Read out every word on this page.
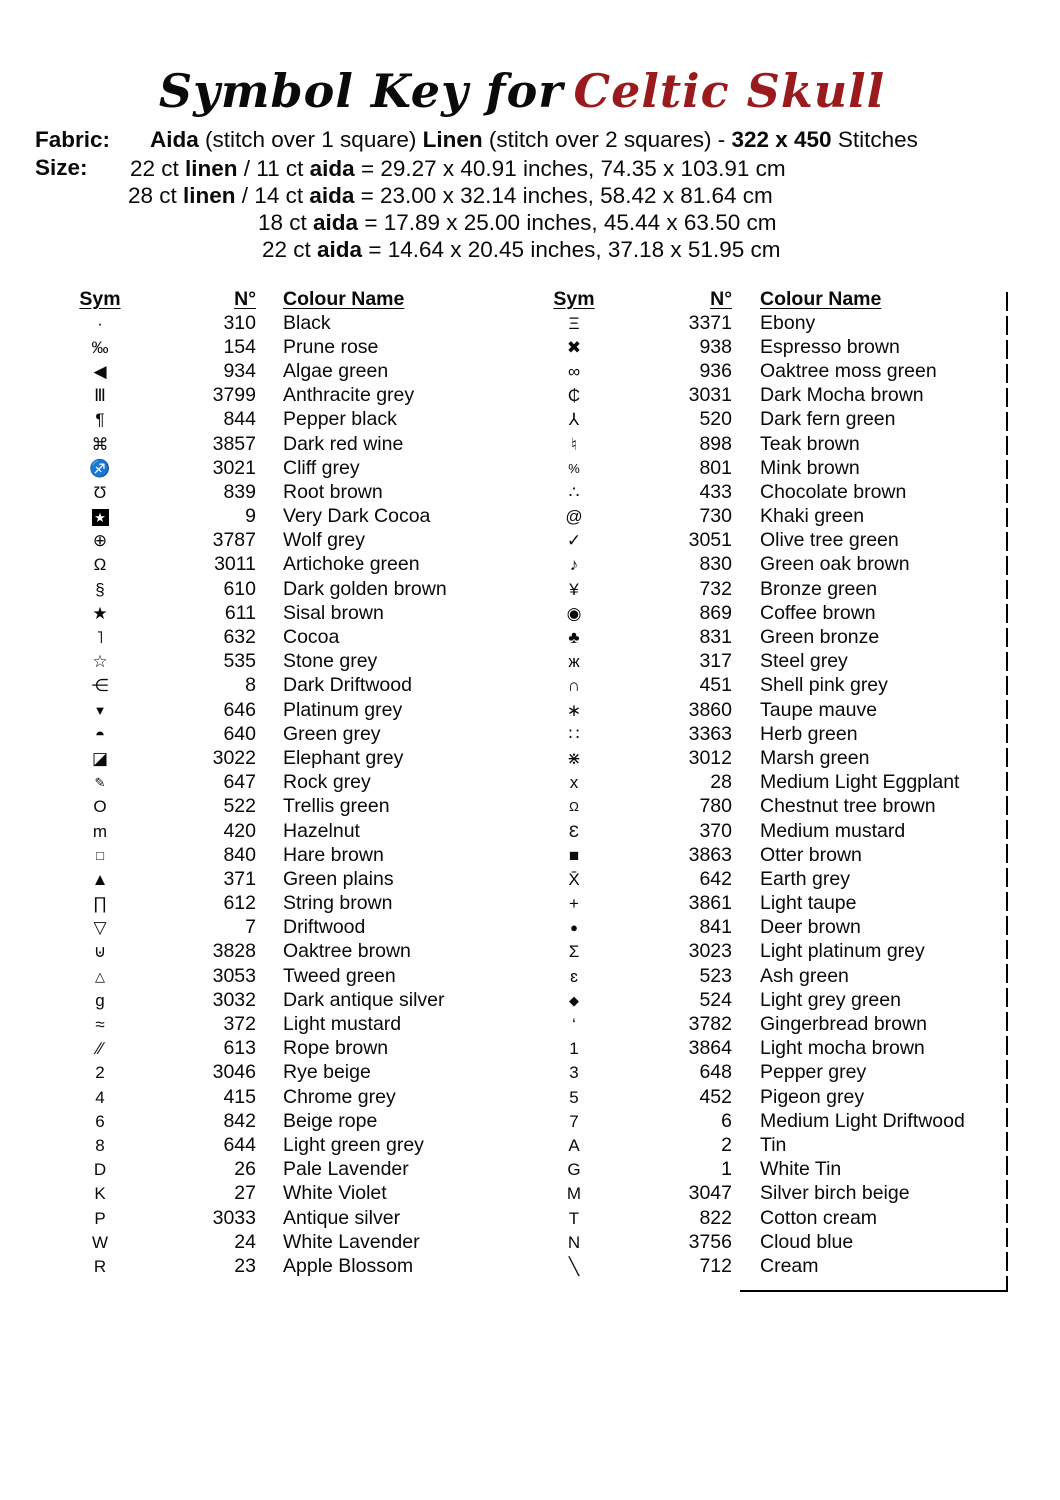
Symbol Key for Celtic Skull
Fabric: Aida (stitch over 1 square) Linen (stitch over 2 squares) - 322 x 450 Stitches
Size:	22 ct linen / 11 ct aida = 29.27 x 40.91 inches, 74.35 x 103.91 cm
28 ct linen / 14 ct aida = 23.00 x 32.14 inches, 58.42 x 81.64 cm
18 ct aida = 17.89 x 25.00 inches, 45.44 x 63.50 cm
22 ct aida = 14.64 x 20.45 inches, 37.18 x 51.95 cm
Sym	N°	Colour Name
·	310	Black
‰	154	Prune rose
◀	934	Algae green
Ⅲ	3799	Anthracite grey
¶	844	Pepper black
⌘	3857	Dark red wine
♐	3021	Cliff grey
Ʊ	839	Root brown
★	9	Very Dark Cocoa
⊕	3787	Wolf grey
Ω	3011	Artichoke green
§	610	Dark golden brown
★	611	Sisal brown
˥	632	Cocoa
☆	535	Stone grey
⋲	8	Dark Driftwood
▼	646	Platinum grey
◓	640	Green grey
◪	3022	Elephant grey
✎	647	Rock grey
O	522	Trellis green
m	420	Hazelnut
□	840	Hare brown
▲	371	Green plains
∏	612	String brown
▽	7	Driftwood
⊍	3828	Oaktree brown
△	3053	Tweed green
g	3032	Dark antique silver
≈	372	Light mustard
∕∕	613	Rope brown
2	3046	Rye beige
4	415	Chrome grey
6	842	Beige rope
8	644	Light green grey
D	26	Pale Lavender
K	27	White Violet
P	3033	Antique silver
W	24	White Lavender
R	23	Apple Blossom
Sym	N°	Colour Name
Ξ	3371	Ebony
✖	938	Espresso brown
∞	936	Oaktree moss green
₵	3031	Dark Mocha brown
⅄	520	Dark fern green
♮	898	Teak brown
%	801	Mink brown
∴	433	Chocolate brown
@	730	Khaki green
✓	3051	Olive tree green
♪	830	Green oak brown
¥	732	Bronze green
◉	869	Coffee brown
♣	831	Green bronze
ж	317	Steel grey
∩	451	Shell pink grey
∗	3860	Taupe mauve
∷	3363	Herb green
⋇	3012	Marsh green
x	28	Medium Light Eggplant
Ω	780	Chestnut tree brown
Ɛ	370	Medium mustard
■	3863	Otter brown
X̄	642	Earth grey
+	3861	Light taupe
●	841	Deer brown
Σ	3023	Light platinum grey
ɛ	523	Ash green
◆	524	Light grey green
‘	3782	Gingerbread brown
1	3864	Light mocha brown
3	648	Pepper grey
5	452	Pigeon grey
7	6	Medium Light Driftwood
A	2	Tin
G	1	White Tin
M	3047	Silver birch beige
T	822	Cotton cream
N	3756	Cloud blue
╲	712	Cream
